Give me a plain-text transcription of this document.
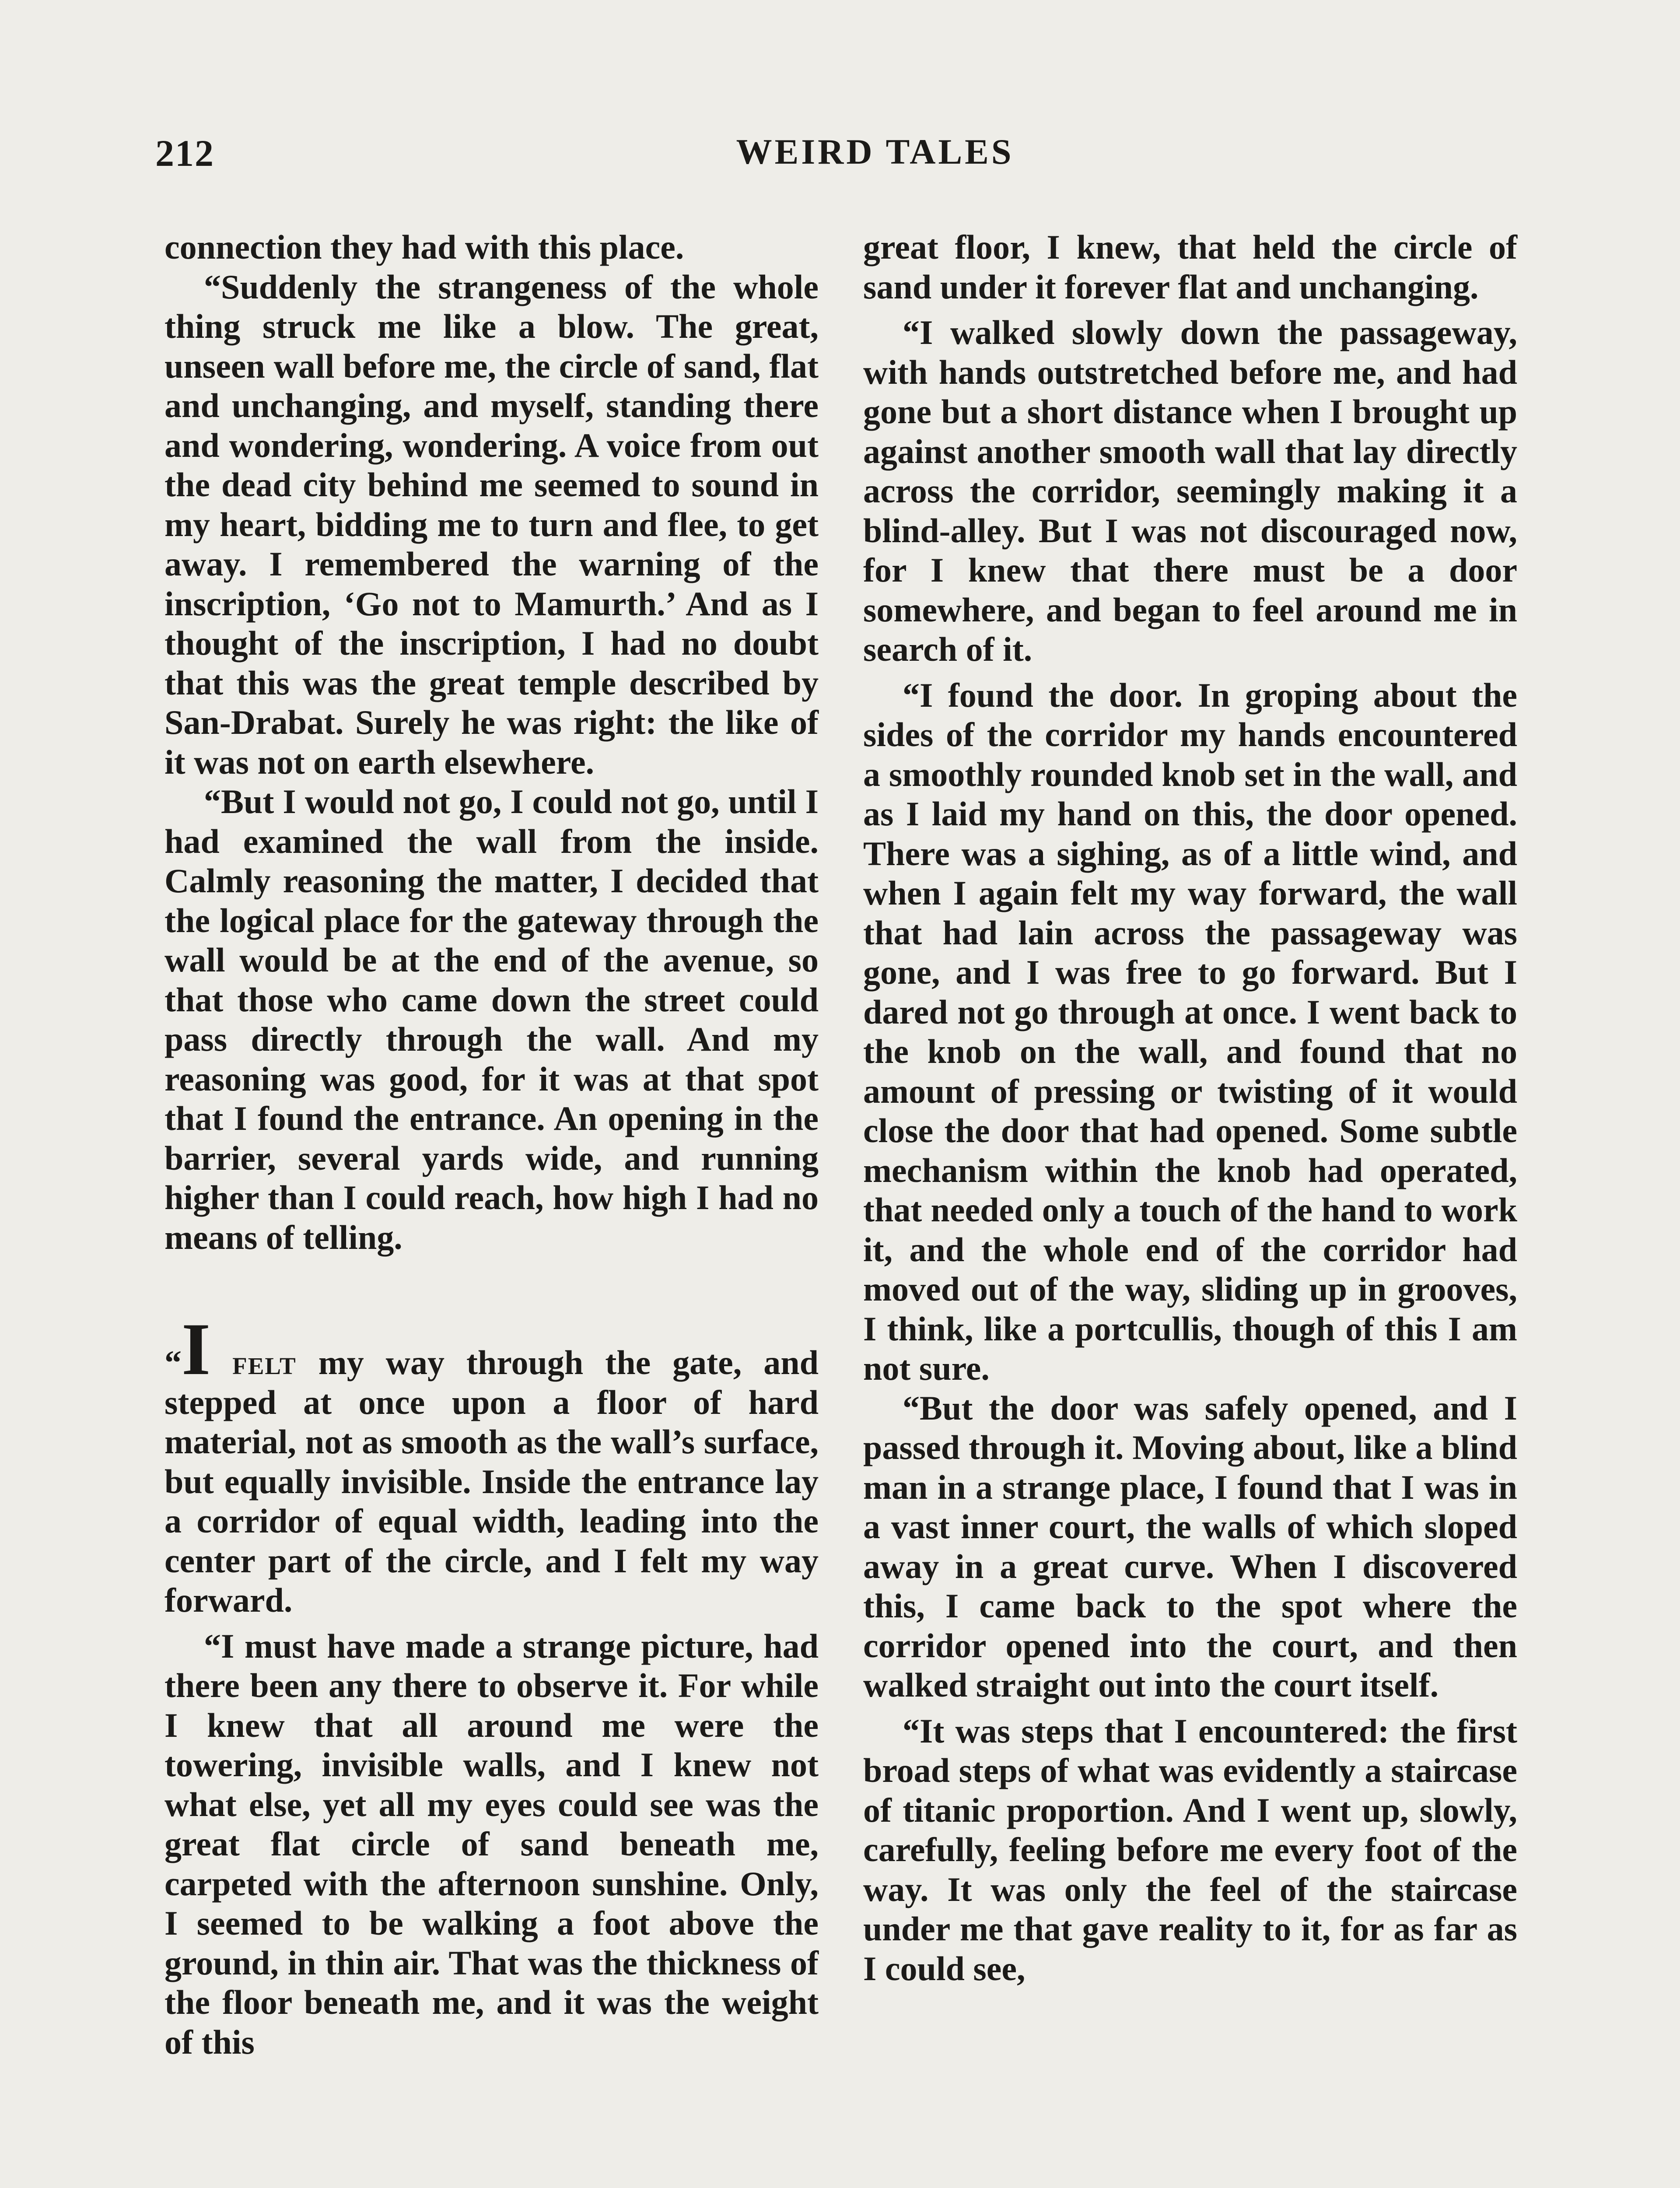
212	WEIRD TALES

connection they had with this place.

“Suddenly the strangeness of the whole thing struck me like a blow. The great, unseen wall before me, the circle of sand, flat and unchanging, and myself, standing there and wondering, wondering. A voice from out the dead city behind me seemed to sound in my heart, bidding me to turn and flee, to get away. I remembered the warning of the inscription, ‘Go not to Mamurth.’ And as I thought of the inscription, I had no doubt that this was the great temple described by San-Drabat. Surely he was right: the like of it was not on earth elsewhere.

“But I would not go, I could not go, until I had examined the wall from the inside. Calmly reasoning the matter, I decided that the logical place for the gateway through the wall would be at the end of the avenue, so that those who came down the street could pass directly through the wall. And my reasoning was good, for it was at that spot that I found the entrance. An opening in the barrier, several yards wide, and running higher than I could reach, how high I had no means of telling.

“I felt my way through the gate, and stepped at once upon a floor of hard material, not as smooth as the wall’s surface, but equally invisible. Inside the entrance lay a corridor of equal width, leading into the center part of the circle, and I felt my way forward.

“I must have made a strange picture, had there been any there to observe it. For while I knew that all around me were the towering, invisible walls, and I knew not what else, yet all my eyes could see was the great flat circle of sand beneath me, carpeted with the afternoon sunshine. Only, I seemed to be walking a foot above the ground, in thin air. That was the thickness of the floor beneath me, and it was the weight of this

great floor, I knew, that held the circle of sand under it forever flat and unchanging.

“I walked slowly down the passageway, with hands outstretched before me, and had gone but a short distance when I brought up against another smooth wall that lay directly across the corridor, seemingly making it a blind-alley. But I was not discouraged now, for I knew that there must be a door somewhere, and began to feel around me in search of it.

“I found the door. In groping about the sides of the corridor my hands encountered a smoothly rounded knob set in the wall, and as I laid my hand on this, the door opened. There was a sighing, as of a little wind, and when I again felt my way forward, the wall that had lain across the passageway was gone, and I was free to go forward. But I dared not go through at once. I went back to the knob on the wall, and found that no amount of pressing or twisting of it would close the door that had opened. Some subtle mechanism within the knob had operated, that needed only a touch of the hand to work it, and the whole end of the corridor had moved out of the way, sliding up in grooves, I think, like a portcullis, though of this I am not sure.

“But the door was safely opened, and I passed through it. Moving about, like a blind man in a strange place, I found that I was in a vast inner court, the walls of which sloped away in a great curve. When I discovered this, I came back to the spot where the corridor opened into the court, and then walked straight out into the court itself.

“It was steps that I encountered: the first broad steps of what was evidently a staircase of titanic proportion. And I went up, slowly, carefully, feeling before me every foot of the way. It was only the feel of the staircase under me that gave reality to it, for as far as I could see,
